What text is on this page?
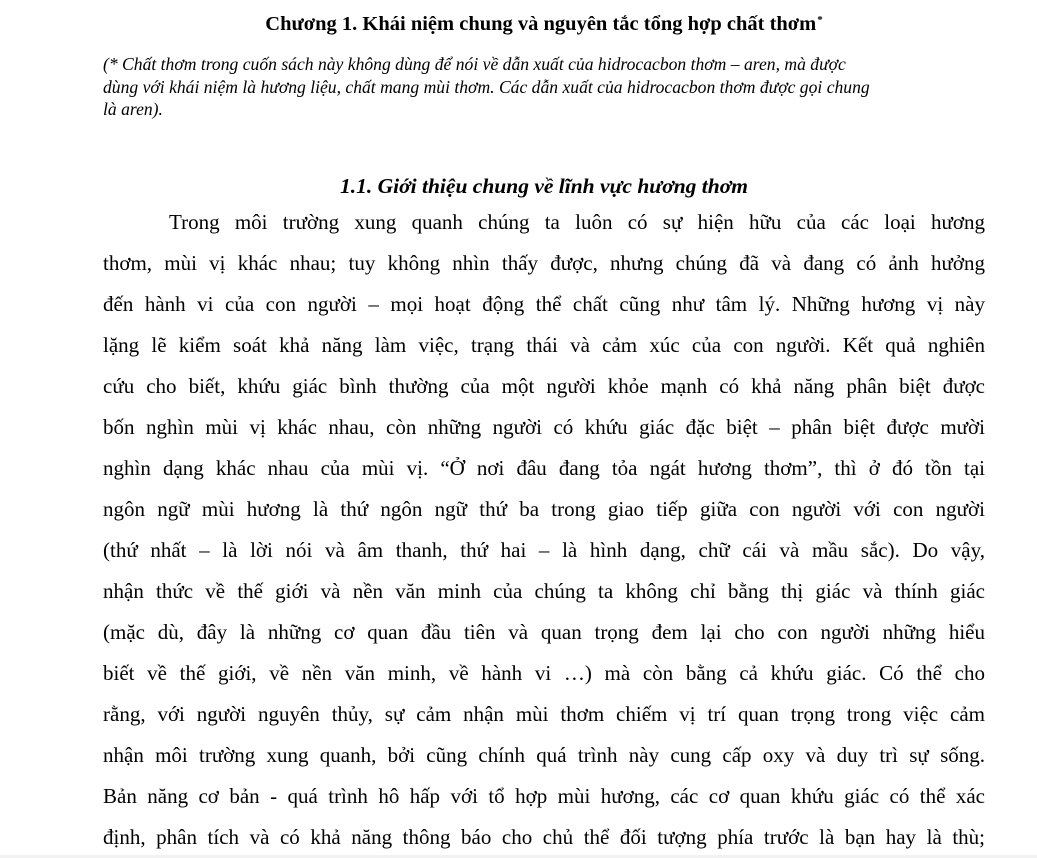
Chương 1. Khái niệm chung và nguyên tắc tổng hợp chất thơm*

(* Chất thơm trong cuốn sách này không dùng để nói về dẫn xuất của hidrocacbon thơm – aren, mà được
dùng với khái niệm là hương liệu, chất mang mùi thơm. Các dẫn xuất của hidrocacbon thơm được gọi chung
là aren).

1.1. Giới thiệu chung về lĩnh vực hương thơm

Trong môi trường xung quanh chúng ta luôn có sự hiện hữu của các loại hương
thơm, mùi vị khác nhau; tuy không nhìn thấy được, nhưng chúng đã và đang có ảnh hưởng
đến hành vi của con người – mọi hoạt động thể chất cũng như tâm lý. Những hương vị này
lặng lẽ kiểm soát khả năng làm việc, trạng thái và cảm xúc của con người. Kết quả nghiên
cứu cho biết, khứu giác bình thường của một người khỏe mạnh có khả năng phân biệt được
bốn nghìn mùi vị khác nhau, còn những người có khứu giác đặc biệt – phân biệt được mười
nghìn dạng khác nhau của mùi vị. “Ở nơi đâu đang tỏa ngát hương thơm”, thì ở đó tồn tại
ngôn ngữ mùi hương là thứ ngôn ngữ thứ ba trong giao tiếp giữa con người với con người
(thứ nhất – là lời nói và âm thanh, thứ hai – là hình dạng, chữ cái và mầu sắc). Do vậy,
nhận thức về thế giới và nền văn minh của chúng ta không chỉ bằng thị giác và thính giác
(mặc dù, đây là những cơ quan đầu tiên và quan trọng đem lại cho con người những hiểu
biết về thế giới, về nền văn minh, về hành vi …) mà còn bằng cả khứu giác. Có thể cho
rằng, với người nguyên thủy, sự cảm nhận mùi thơm chiếm vị trí quan trọng trong việc cảm
nhận môi trường xung quanh, bởi cũng chính quá trình này cung cấp oxy và duy trì sự sống.
Bản năng cơ bản - quá trình hô hấp với tổ hợp mùi hương, các cơ quan khứu giác có thể xác
định, phân tích và có khả năng thông báo cho chủ thể đối tượng phía trước là bạn hay là thù;
